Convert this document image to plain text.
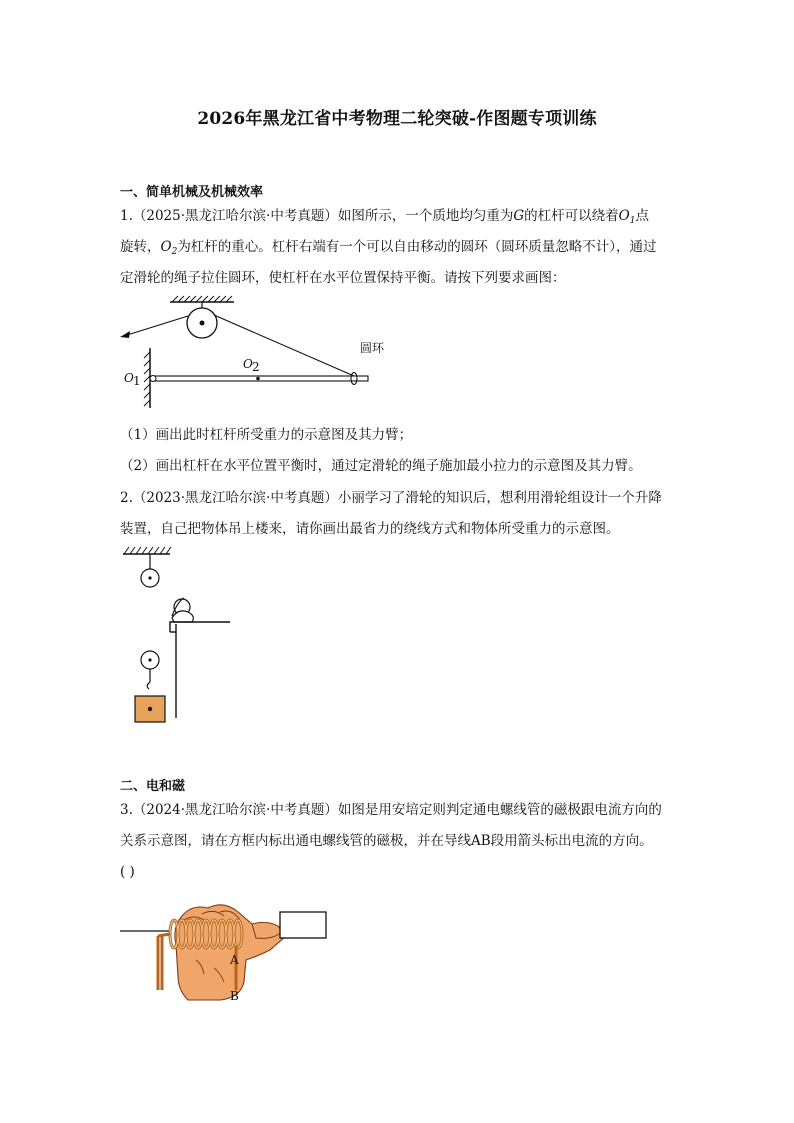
2026年黑龙江省中考物理二轮突破-作图题专项训练
一、简单机械及机械效率
1.（2025·黑龙江哈尔滨·中考真题）如图所示，一个质地均匀重为G的杠杆可以绕着$O_1$点
旋转，$O_2$为杠杆的重心。杠杆右端有一个可以自由移动的圆环（圆环质量忽略不计），通过
定滑轮的绳子拉住圆环，使杠杆在水平位置保持平衡。请按下列要求画图：
圆环
O 1
O 2
（1）画出此时杠杆所受重力的示意图及其力臂；
（2）画出杠杆在水平位置平衡时，通过定滑轮的绳子施加最小拉力的示意图及其力臂。
2.（2023·黑龙江哈尔滨·中考真题）小丽学习了滑轮的知识后，想利用滑轮组设计一个升降
装置，自己把物体吊上楼来，请你画出最省力的绕线方式和物体所受重力的示意图。
二、电和磁
3.（2024·黑龙江哈尔滨·中考真题）如图是用安培定则判定通电螺线管的磁极跟电流方向的
关系示意图，请在方框内标出通电螺线管的磁极，并在导线AB段用箭头标出电流的方向。
( )
A
B
